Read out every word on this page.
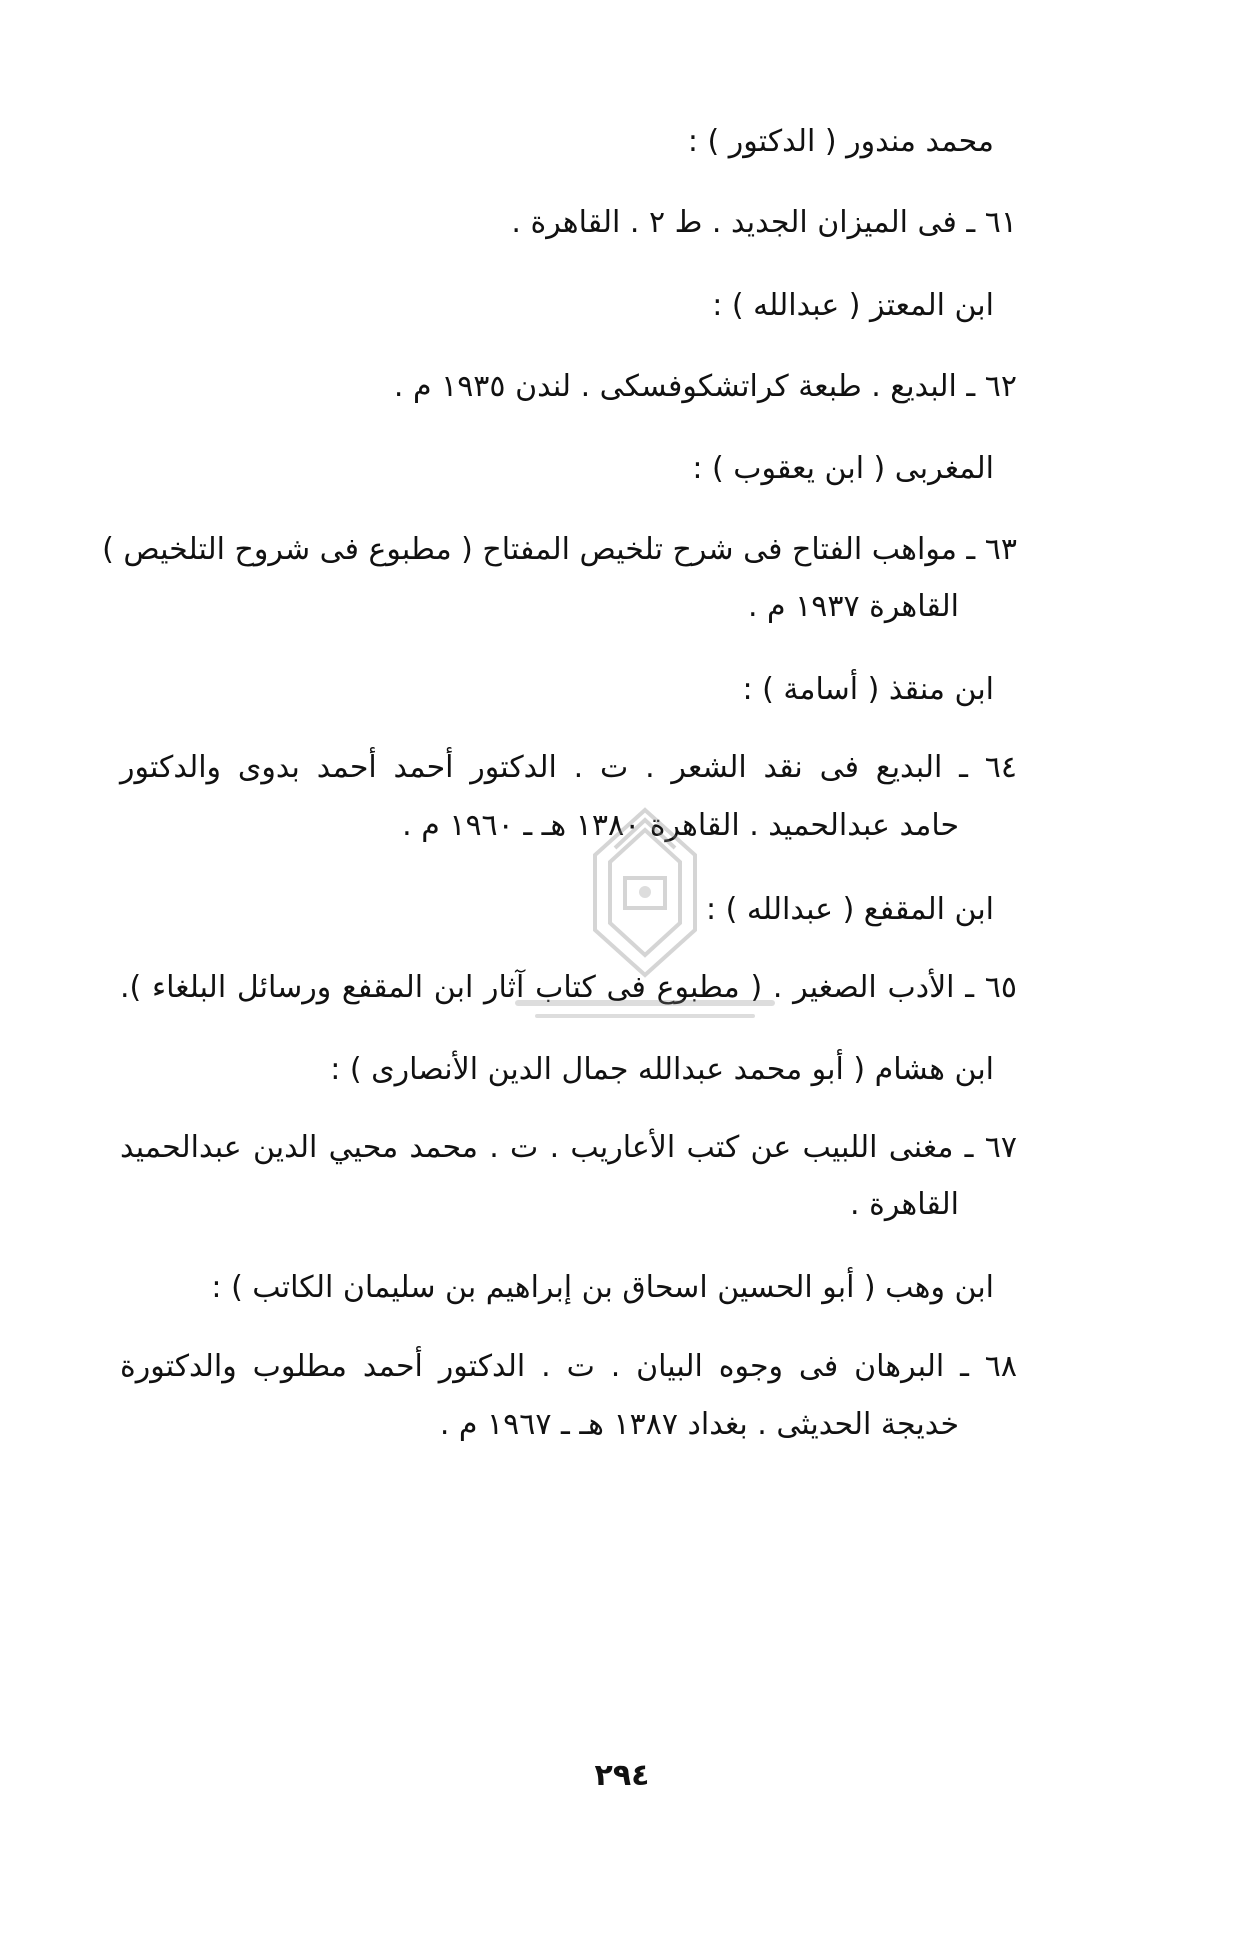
محمد مندور ( الدكتور ) :
٦١ ـ فى الميزان الجديد . ط ٢ . القاهرة .
ابن المعتز ( عبدالله ) :
٦٢ ـ البديع . طبعة كراتشكوفسكى . لندن ١٩٣٥ م .
المغربى ( ابن يعقوب ) :
٦٣ ـ مواهب الفتاح فى شرح تلخيص المفتاح ( مطبوع فى شروح التلخيص )
القاهرة ١٩٣٧ م .
ابن منقذ ( أسامة ) :
٦٤ ـ البديع فى نقد الشعر . ت . الدكتور أحمد أحمد بدوى والدكتور
حامد عبدالحميد . القاهرة ١٣٨٠ هـ ـ ١٩٦٠ م .
ابن المقفع ( عبدالله ) :
٦٥ ـ الأدب الصغير . ( مطبوع فى كتاب آثار ابن المقفع ورسائل البلغاء ).
ابن هشام ( أبو محمد عبدالله جمال الدين الأنصارى ) :
٦٧ ـ مغنى اللبيب عن كتب الأعاريب . ت . محمد محيي الدين عبدالحميد
القاهرة .
ابن وهب ( أبو الحسين اسحاق بن إبراهيم بن سليمان الكاتب ) :
٦٨ ـ البرهان فى وجوه البيان . ت . الدكتور أحمد مطلوب والدكتورة
خديجة الحديثى . بغداد ١٣٨٧ هـ ـ ١٩٦٧ م .
٢٩٤
